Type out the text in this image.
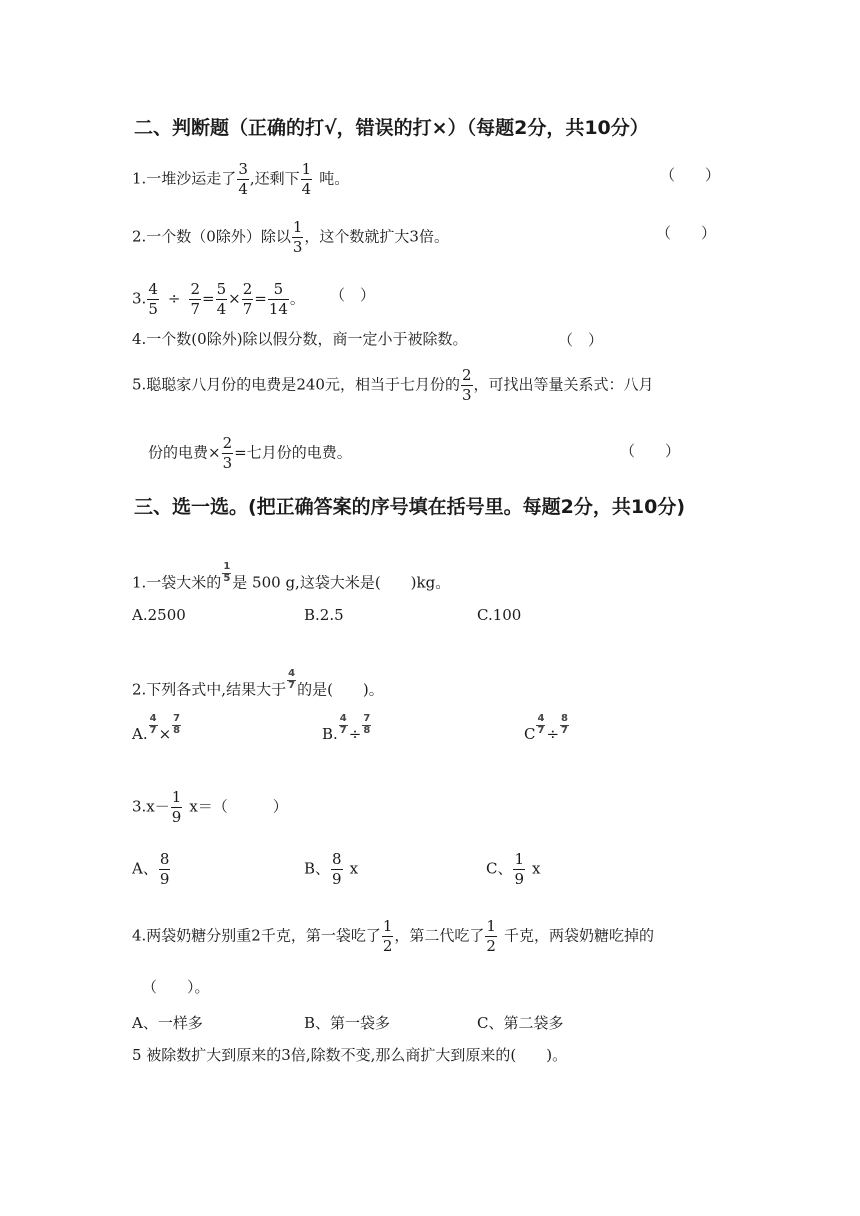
二、判断题（正确的打√，错误的打×）（每题2分，共10分）
1.一堆沙运走了 $\frac{3}{4}$ ,还剩下 $\frac{1}{4}$ 吨。	（　　）
2.一个数（0除外）除以 $\frac{1}{3}$ ，这个数就扩大3倍。	（　　）
3. $\frac{4}{5} \div \frac{2}{7} = \frac{5}{4} \times \frac{2}{7} = \frac{5}{14}$ 。 （　）
4.一个数(0除外)除以假分数，商一定小于被除数。	（　）
5.聪聪家八月份的电费是240元，相当于七月份的 $\frac{2}{3}$ ，可找出等量关系式：八月
份的电费× $\frac{2}{3}$ =七月份的电费。	（　　）
三、选一选。(把正确答案的序号填在括号里。每题2分，共10分)
1.一袋大米的 $\frac{1}{5}$ 是 500 g,这袋大米是(　　)kg。
A.2500	B.2.5	C.100
2.下列各式中,结果大于 $\frac{4}{7}$ 的是(　　)。
A. $\frac{4}{7} \times \frac{7}{8}$	B. $\frac{4}{7} \div \frac{7}{8}$	C $\frac{4}{7} \div \frac{8}{7}$
$3.x- \frac{1}{9} x=$（　　　）
A、 $\frac{8}{9}$	B、 $\frac{8}{9}$ x	C、 $\frac{1}{9}$ x
4.两袋奶糖分别重2千克，第一袋吃了 $\frac{1}{2}$ ，第二代吃了 $\frac{1}{2}$ 千克，两袋奶糖吃掉的
（　　）。
A、一样多	B、第一袋多	C、第二袋多
5 被除数扩大到原来的3倍,除数不变,那么商扩大到原来的(　　)。
